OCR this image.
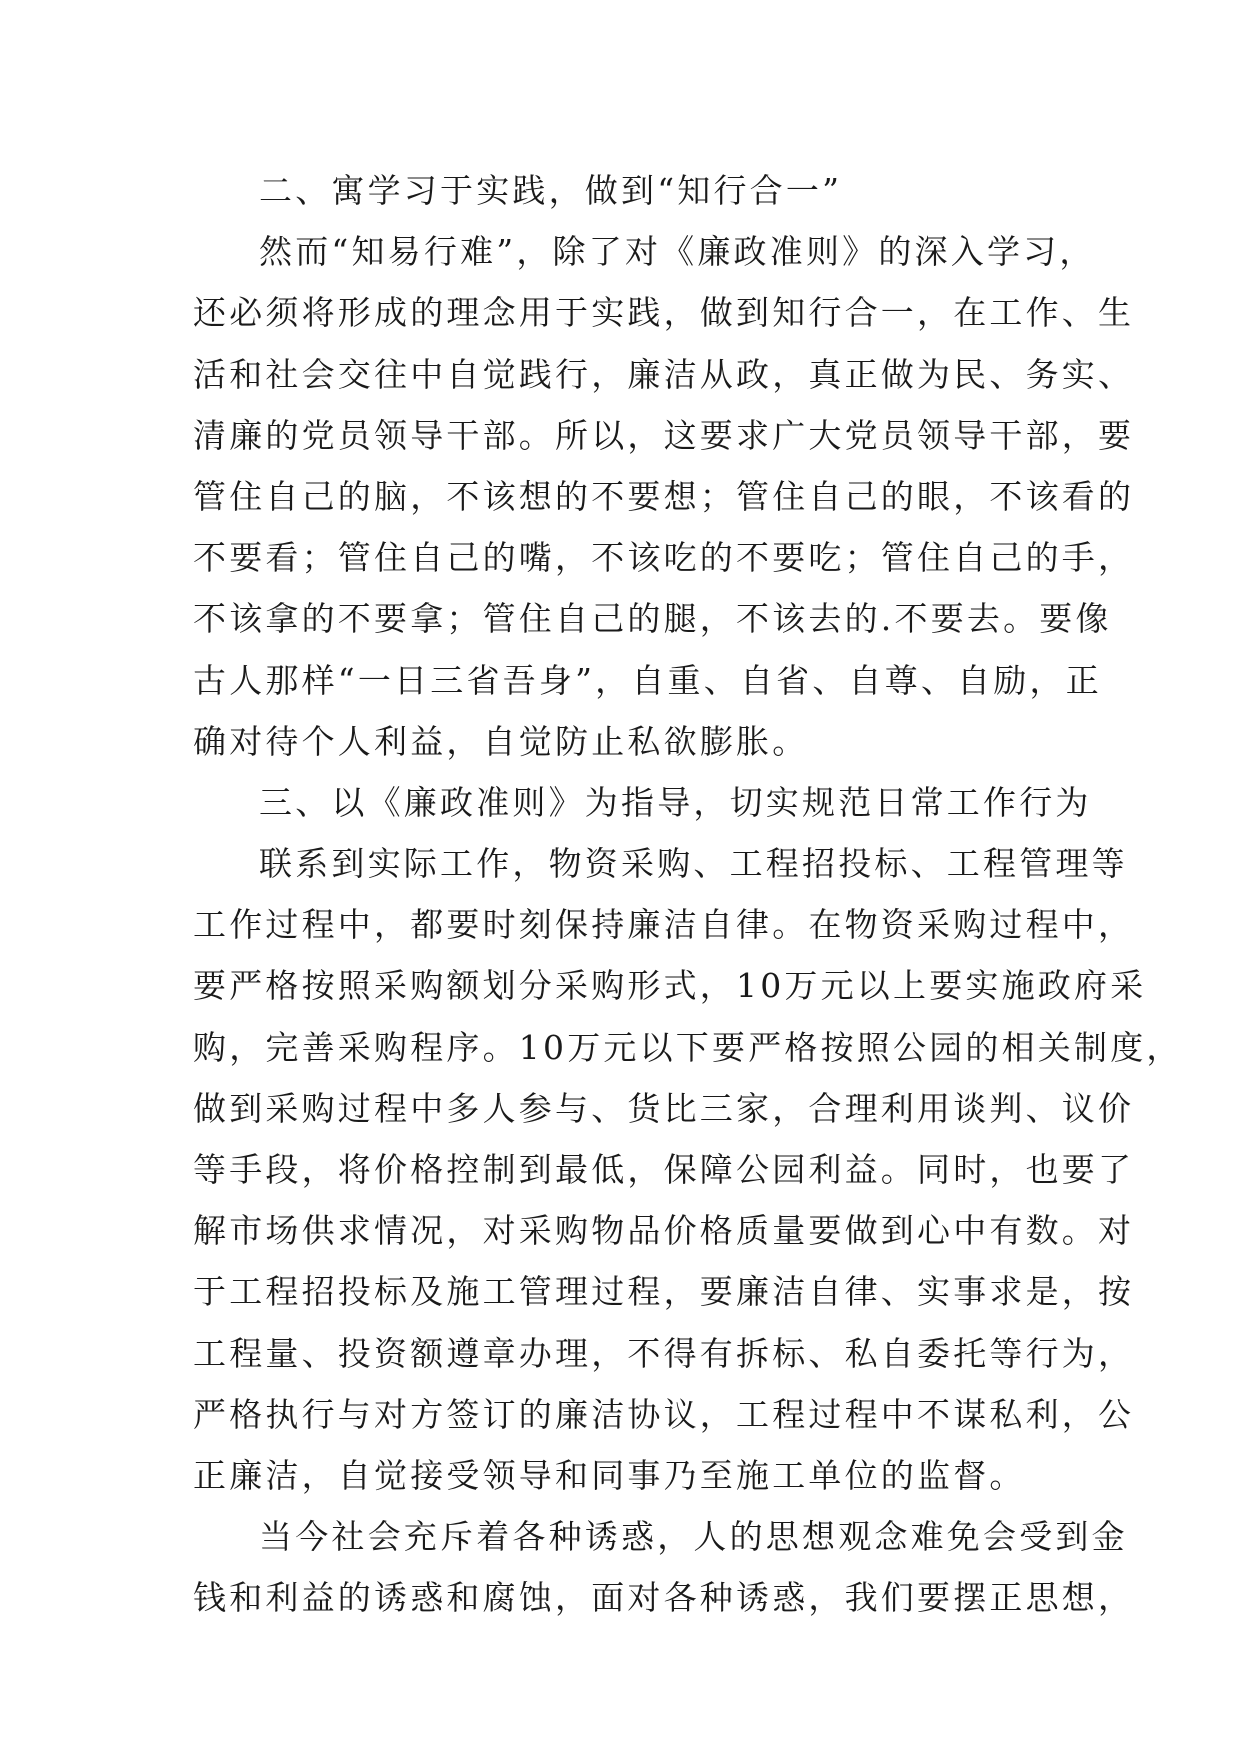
二、寓学习于实践，做到“知行合一”
然而“知易行难”，除了对《廉政准则》的深入学习，
还必须将形成的理念用于实践，做到知行合一，在工作、生
活和社会交往中自觉践行，廉洁从政，真正做为民、务实、
清廉的党员领导干部。所以，这要求广大党员领导干部，要
管住自己的脑，不该想的不要想；管住自己的眼，不该看的
不要看；管住自己的嘴，不该吃的不要吃；管住自己的手，
不该拿的不要拿；管住自己的腿，不该去的.不要去。要像
古人那样“一日三省吾身”，自重、自省、自尊、自励，正
确对待个人利益，自觉防止私欲膨胀。
三、以《廉政准则》为指导，切实规范日常工作行为
联系到实际工作，物资采购、工程招投标、工程管理等
工作过程中，都要时刻保持廉洁自律。在物资采购过程中，
要严格按照采购额划分采购形式，10万元以上要实施政府采
购，完善采购程序。10万元以下要严格按照公园的相关制度，
做到采购过程中多人参与、货比三家，合理利用谈判、议价
等手段，将价格控制到最低，保障公园利益。同时，也要了
解市场供求情况，对采购物品价格质量要做到心中有数。对
于工程招投标及施工管理过程，要廉洁自律、实事求是，按
工程量、投资额遵章办理，不得有拆标、私自委托等行为，
严格执行与对方签订的廉洁协议，工程过程中不谋私利，公
正廉洁，自觉接受领导和同事乃至施工单位的监督。
当今社会充斥着各种诱惑，人的思想观念难免会受到金
钱和利益的诱惑和腐蚀，面对各种诱惑，我们要摆正思想，
